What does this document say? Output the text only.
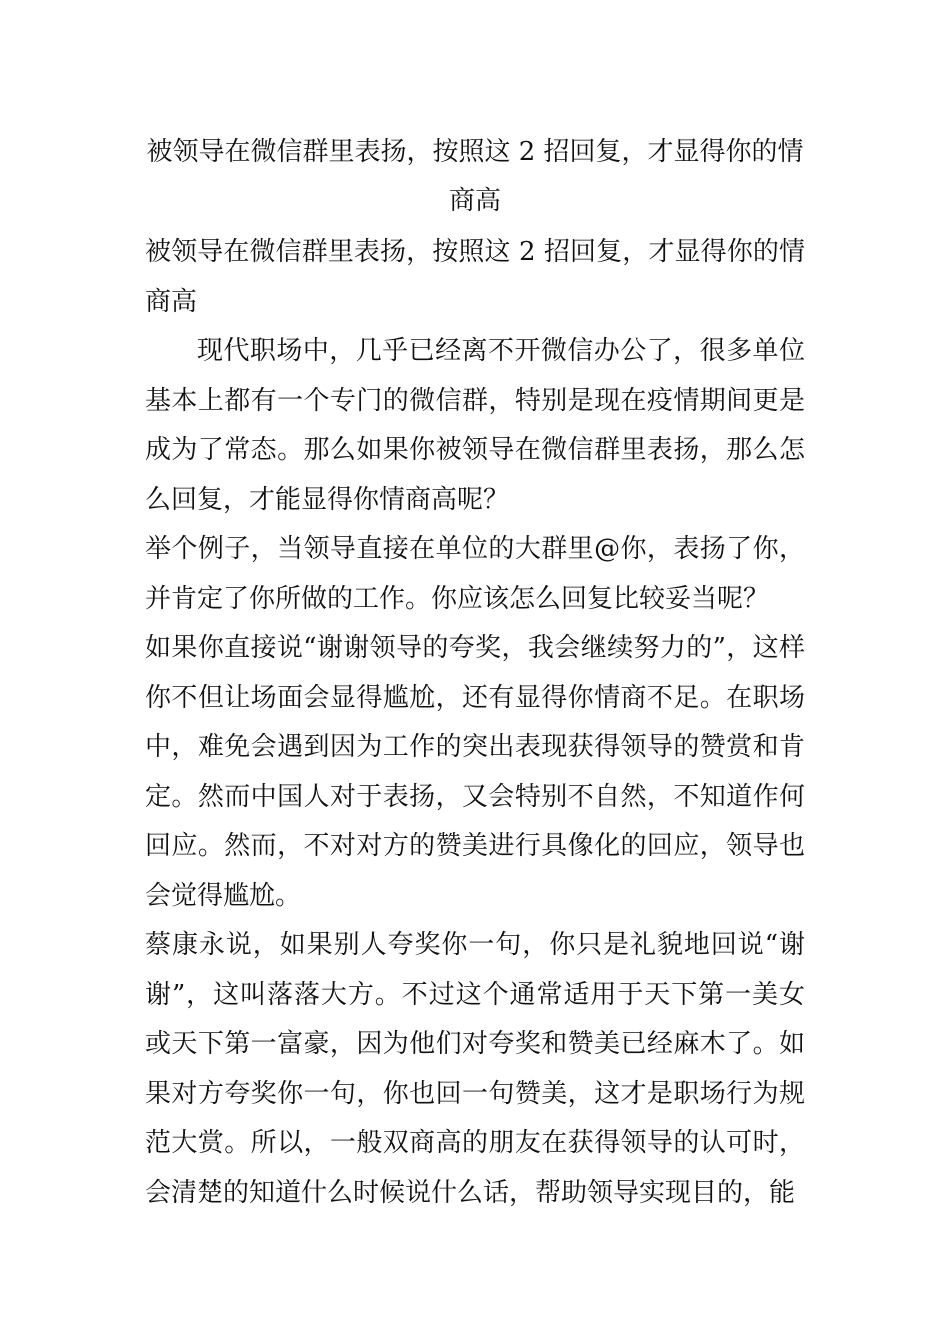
被领导在微信群里表扬，按照这 2 招回复，才显得你的情商高

被领导在微信群里表扬，按照这 2 招回复，才显得你的情商高

现代职场中，几乎已经离不开微信办公了，很多单位基本上都有一个专门的微信群，特别是现在疫情期间更是成为了常态。那么如果你被领导在微信群里表扬，那么怎么回复，才能显得你情商高呢？

举个例子，当领导直接在单位的大群里@你，表扬了你，并肯定了你所做的工作。你应该怎么回复比较妥当呢？

如果你直接说“谢谢领导的夸奖，我会继续努力的”，这样你不但让场面会显得尴尬，还有显得你情商不足。在职场中，难免会遇到因为工作的突出表现获得领导的赞赏和肯定。然而中国人对于表扬，又会特别不自然，不知道作何回应。然而，不对对方的赞美进行具像化的回应，领导也会觉得尴尬。

蔡康永说，如果别人夸奖你一句，你只是礼貌地回说“谢谢”，这叫落落大方。不过这个通常适用于天下第一美女或天下第一富豪，因为他们对夸奖和赞美已经麻木了。如果对方夸奖你一句，你也回一句赞美，这才是职场行为规范大赏。所以，一般双商高的朋友在获得领导的认可时，会清楚的知道什么时候说什么话，帮助领导实现目的，能
